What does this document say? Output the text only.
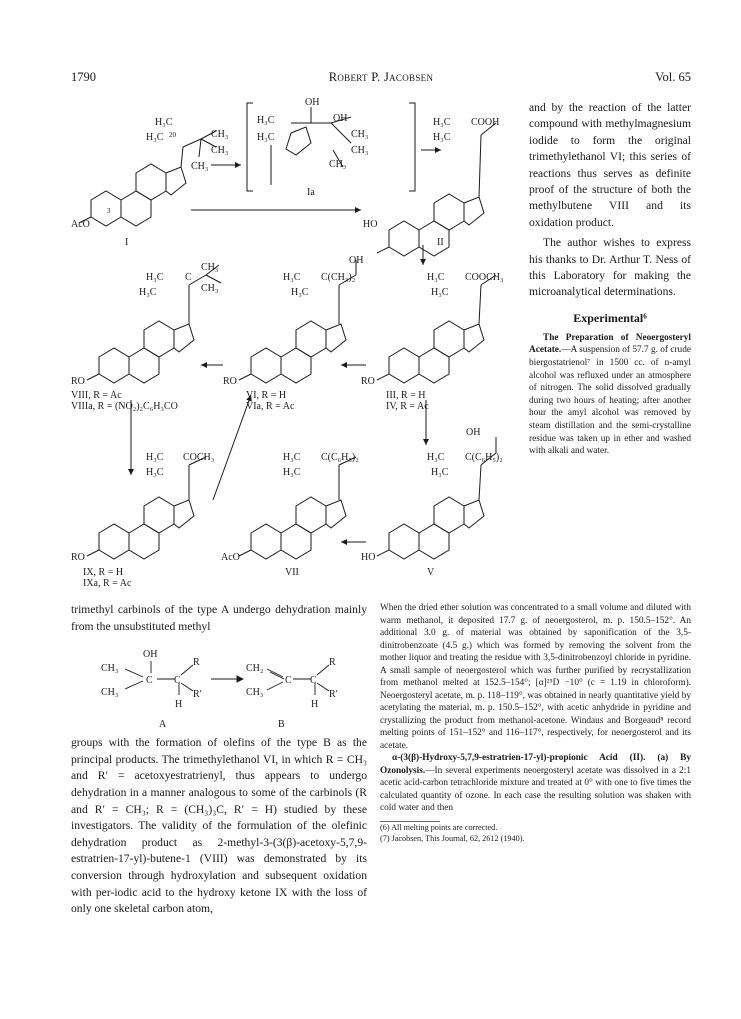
1790	Robert P. Jacobsen	Vol. 65
H₃C
H₃C 20	CH₃
CH₃
CH₃
3
AcO
I
OH
H₃C
H₃C
OH
CH₃
CH₃
CH₃
Ia
H₃C COOH
H₃C
HO
II
OH
H₃C
H₃C
C
CH₃
CH₃
RO
VIII, R = Ac
VIIIa, R = (NO₂)₂C₆H₃CO
H₃C
H₃C
C(CH₃)₂
RO
VI, R = H
VIa, R = Ac
H₃C COOCH₃
H₃C
RO
III, R = H
IV, R = Ac
H₃C COCH₃
H₃C
RO
IX, R = H
IXa, R = Ac
H₃C C(C₆H₅)₂
H₃C
AcO
VII
OH
H₃C C(C₆H₅)₂
H₃C
HO
V

and by the reaction of the latter compound with methylmagnesium iodide to form the original trimethylethanol VI; this series of reactions thus serves as definite proof of the structure of both the methylbutene VIII and its oxidation product.

The author wishes to express his thanks to Dr. Arthur T. Ness of this Laboratory for making the microanalytical determinations.

Experimental⁶

The Preparation of Neoergosteryl Acetate.—A suspension of 57.7 g. of crude biergostatrienol⁷ in 1500 cc. of n-amyl alcohol was refluxed under an atmosphere of nitrogen. The solid dissolved gradually during two hours of heating; after another hour the amyl alcohol was removed by steam distillation and the semi-crystalline residue was taken up in ether and washed with alkali and water.

trimethyl carbinols of the type A undergo dehydration mainly from the unsubstituted methyl

OH
CH₃
CH₃
C C
R
R′
H
CH₂
CH₃
C C
R
R′
H
A	B

groups with the formation of olefins of the type B as the principal products. The trimethylethanol VI, in which R = CH₃ and R′ = acetoxyestratrienyl, thus appears to undergo dehydration in a manner analogous to some of the carbinols (R and R′ = CH₃; R = (CH₃)₃C, R′ = H) studied by these investigators. The validity of the formulation of the olefinic dehydration product as 2-methyl-3-(3(β)-acetoxy-5,7,9-estratrien-17-yl)-butene-1 (VIII) was demonstrated by its conversion through hydroxylation and subsequent oxidation with per-iodic acid to the hydroxy ketone IX with the loss of only one skeletal carbon atom,

When the dried ether solution was concentrated to a small volume and diluted with warm methanol, it deposited 17.7 g. of neoergosterol, m. p. 150.5–152°. An additional 3.0 g. of material was obtained by saponification of the 3,5-dinitrobenzoate (4.5 g.) which was formed by removing the solvent from the mother liquor and treating the residue with 3,5-dinitrobenzoyl chloride in pyridine. A small sample of neoergosterol which was further purified by recrystallization from methanol melted at 152.5–154°; [α]²⁵D −10° (c = 1.19 in chloroform). Neoergosteryl acetate, m. p. 118–119°, was obtained in nearly quantitative yield by acetylating the material, m. p. 150.5–152°, with acetic anhydride in pyridine and crystallizing the product from methanol-acetone. Windaus and Borgeaud⁸ record melting points of 151–152° and 116–117°, respectively, for neoergosterol and its acetate.

α-(3(β)-Hydroxy-5,7,9-estratrien-17-yl)-propionic Acid (II). (a) By Ozonolysis.—In several experiments neoergosteryl acetate was dissolved in a 2:1 acetic acid-carbon tetrachloride mixture and treated at 0° with one to five times the calculated quantity of ozone. In each case the resulting solution was shaken with cold water and then

(6) All melting points are corrected.
(7) Jacobsen, This Journal, 62, 2612 (1940).
